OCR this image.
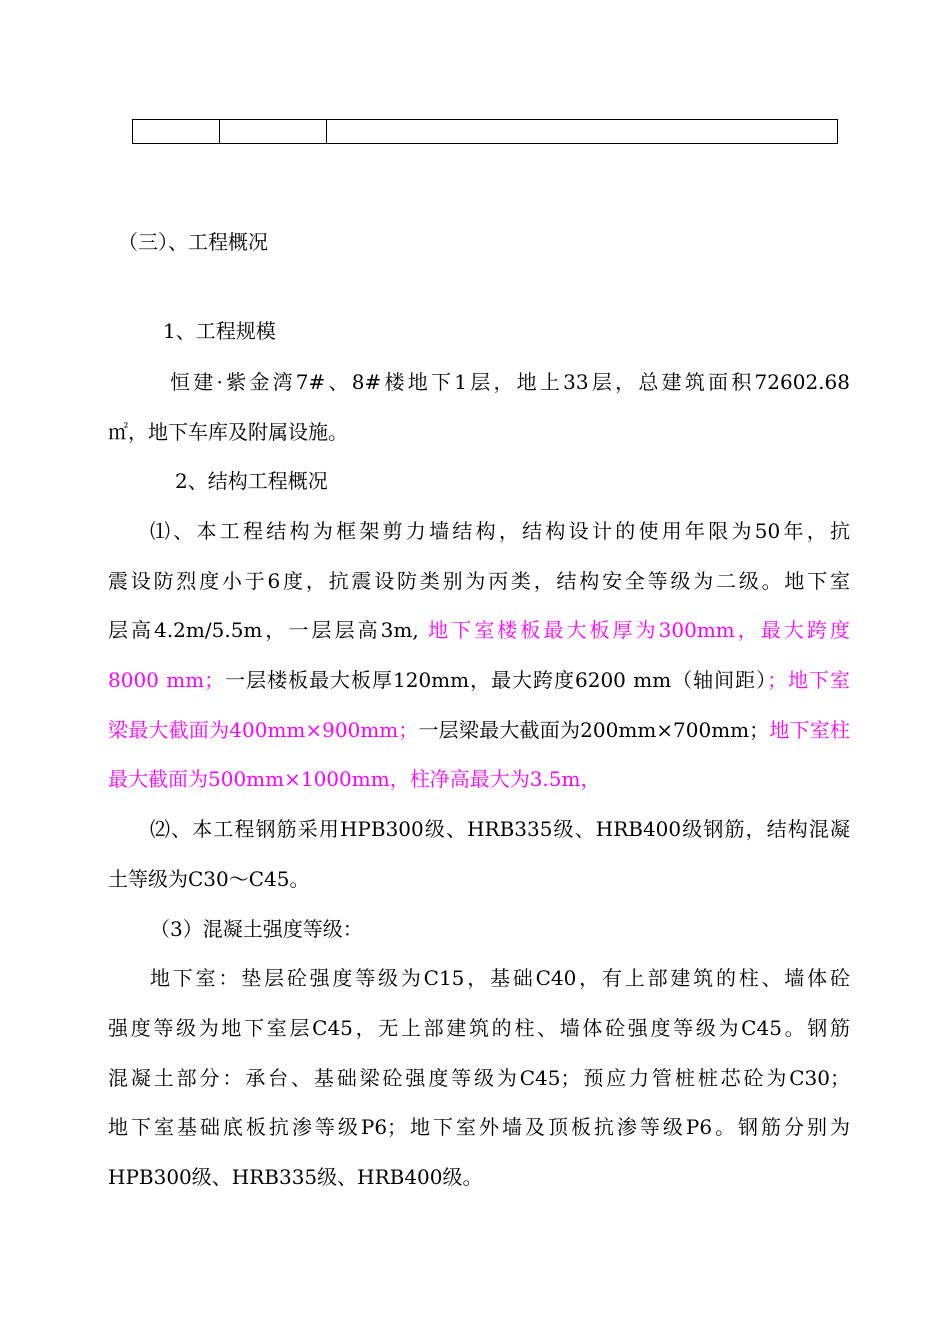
（三）、工程概况
1、工程规模
恒建·紫金湾7#、8#楼地下1层，地上33层，总建筑面积72602.68
㎡，地下车库及附属设施。
2、结构工程概况
⑴、本工程结构为框架剪力墙结构，结构设计的使用年限为50年，抗
震设防烈度小于6度，抗震设防类别为丙类，结构安全等级为二级。地下室
层高4.2m/5.5m，一层层高3m, 地下室楼板最大板厚为300mm，最大跨度
8000 mm；一层楼板最大板厚120mm，最大跨度6200 mm（轴间距）；地下室
梁最大截面为400mm×900mm；一层梁最大截面为200mm×700mm；地下室柱
最大截面为500mm×1000mm，柱净高最大为3.5m，
⑵、本工程钢筋采用HPB300级、HRB335级、HRB400级钢筋，结构混凝
土等级为C30～C45。
（3）混凝土强度等级：
地下室：垫层砼强度等级为C15，基础C40，有上部建筑的柱、墙体砼
强度等级为地下室层C45，无上部建筑的柱、墙体砼强度等级为C45。钢筋
混凝土部分：承台、基础梁砼强度等级为C45；预应力管桩桩芯砼为C30；
地下室基础底板抗渗等级P6；地下室外墙及顶板抗渗等级P6。钢筋分别为
HPB300级、HRB335级、HRB400级。
